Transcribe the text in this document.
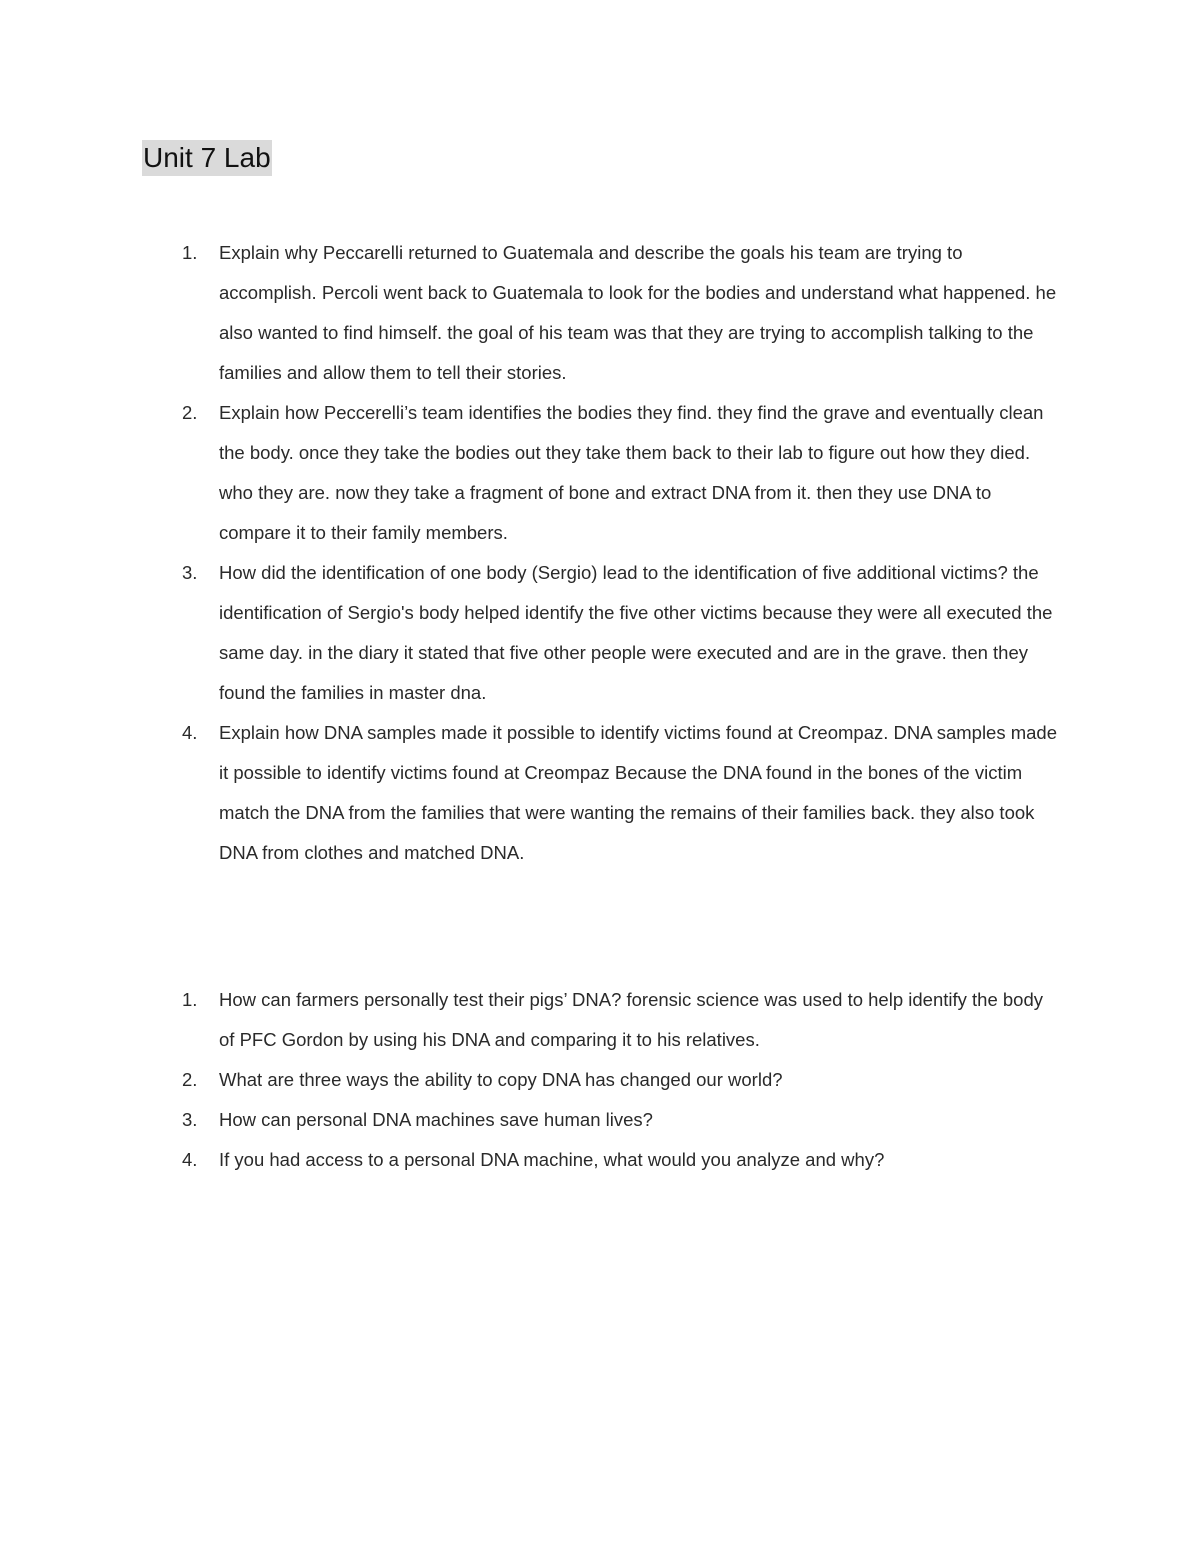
Unit 7 Lab
1.	Explain why Peccarelli returned to Guatemala and describe the goals his team are trying to accomplish. Percoli went back to Guatemala to look for the bodies and understand what happened. he also wanted to find himself. the goal of his team was that they are trying to accomplish talking to the families and allow them to tell their stories.
2.	Explain how Peccerelli’s team identifies the bodies they find. they find the grave and eventually clean the body. once they take the bodies out they take them back to their lab to figure out how they died. who they are. now they take a fragment of bone and extract DNA from it. then they use DNA to compare it to their family members.
3.	How did the identification of one body (Sergio) lead to the identification of five additional victims? the identification of Sergio's body helped identify the five other victims because they were all executed the same day. in the diary it stated that five other people were executed and are in the grave. then they found the families in master dna.
4.	Explain how DNA samples made it possible to identify victims found at Creompaz. DNA samples made it possible to identify victims found at Creompaz Because the DNA found in the bones of the victim match the DNA from the families that were wanting the remains of their families back. they also took DNA from clothes and matched DNA.
1.	How can farmers personally test their pigs’ DNA? forensic science was used to help identify the body of PFC Gordon by using his DNA and comparing it to his relatives.
2.	What are three ways the ability to copy DNA has changed our world?
3.	How can personal DNA machines save human lives?
4.	If you had access to a personal DNA machine, what would you analyze and why?
